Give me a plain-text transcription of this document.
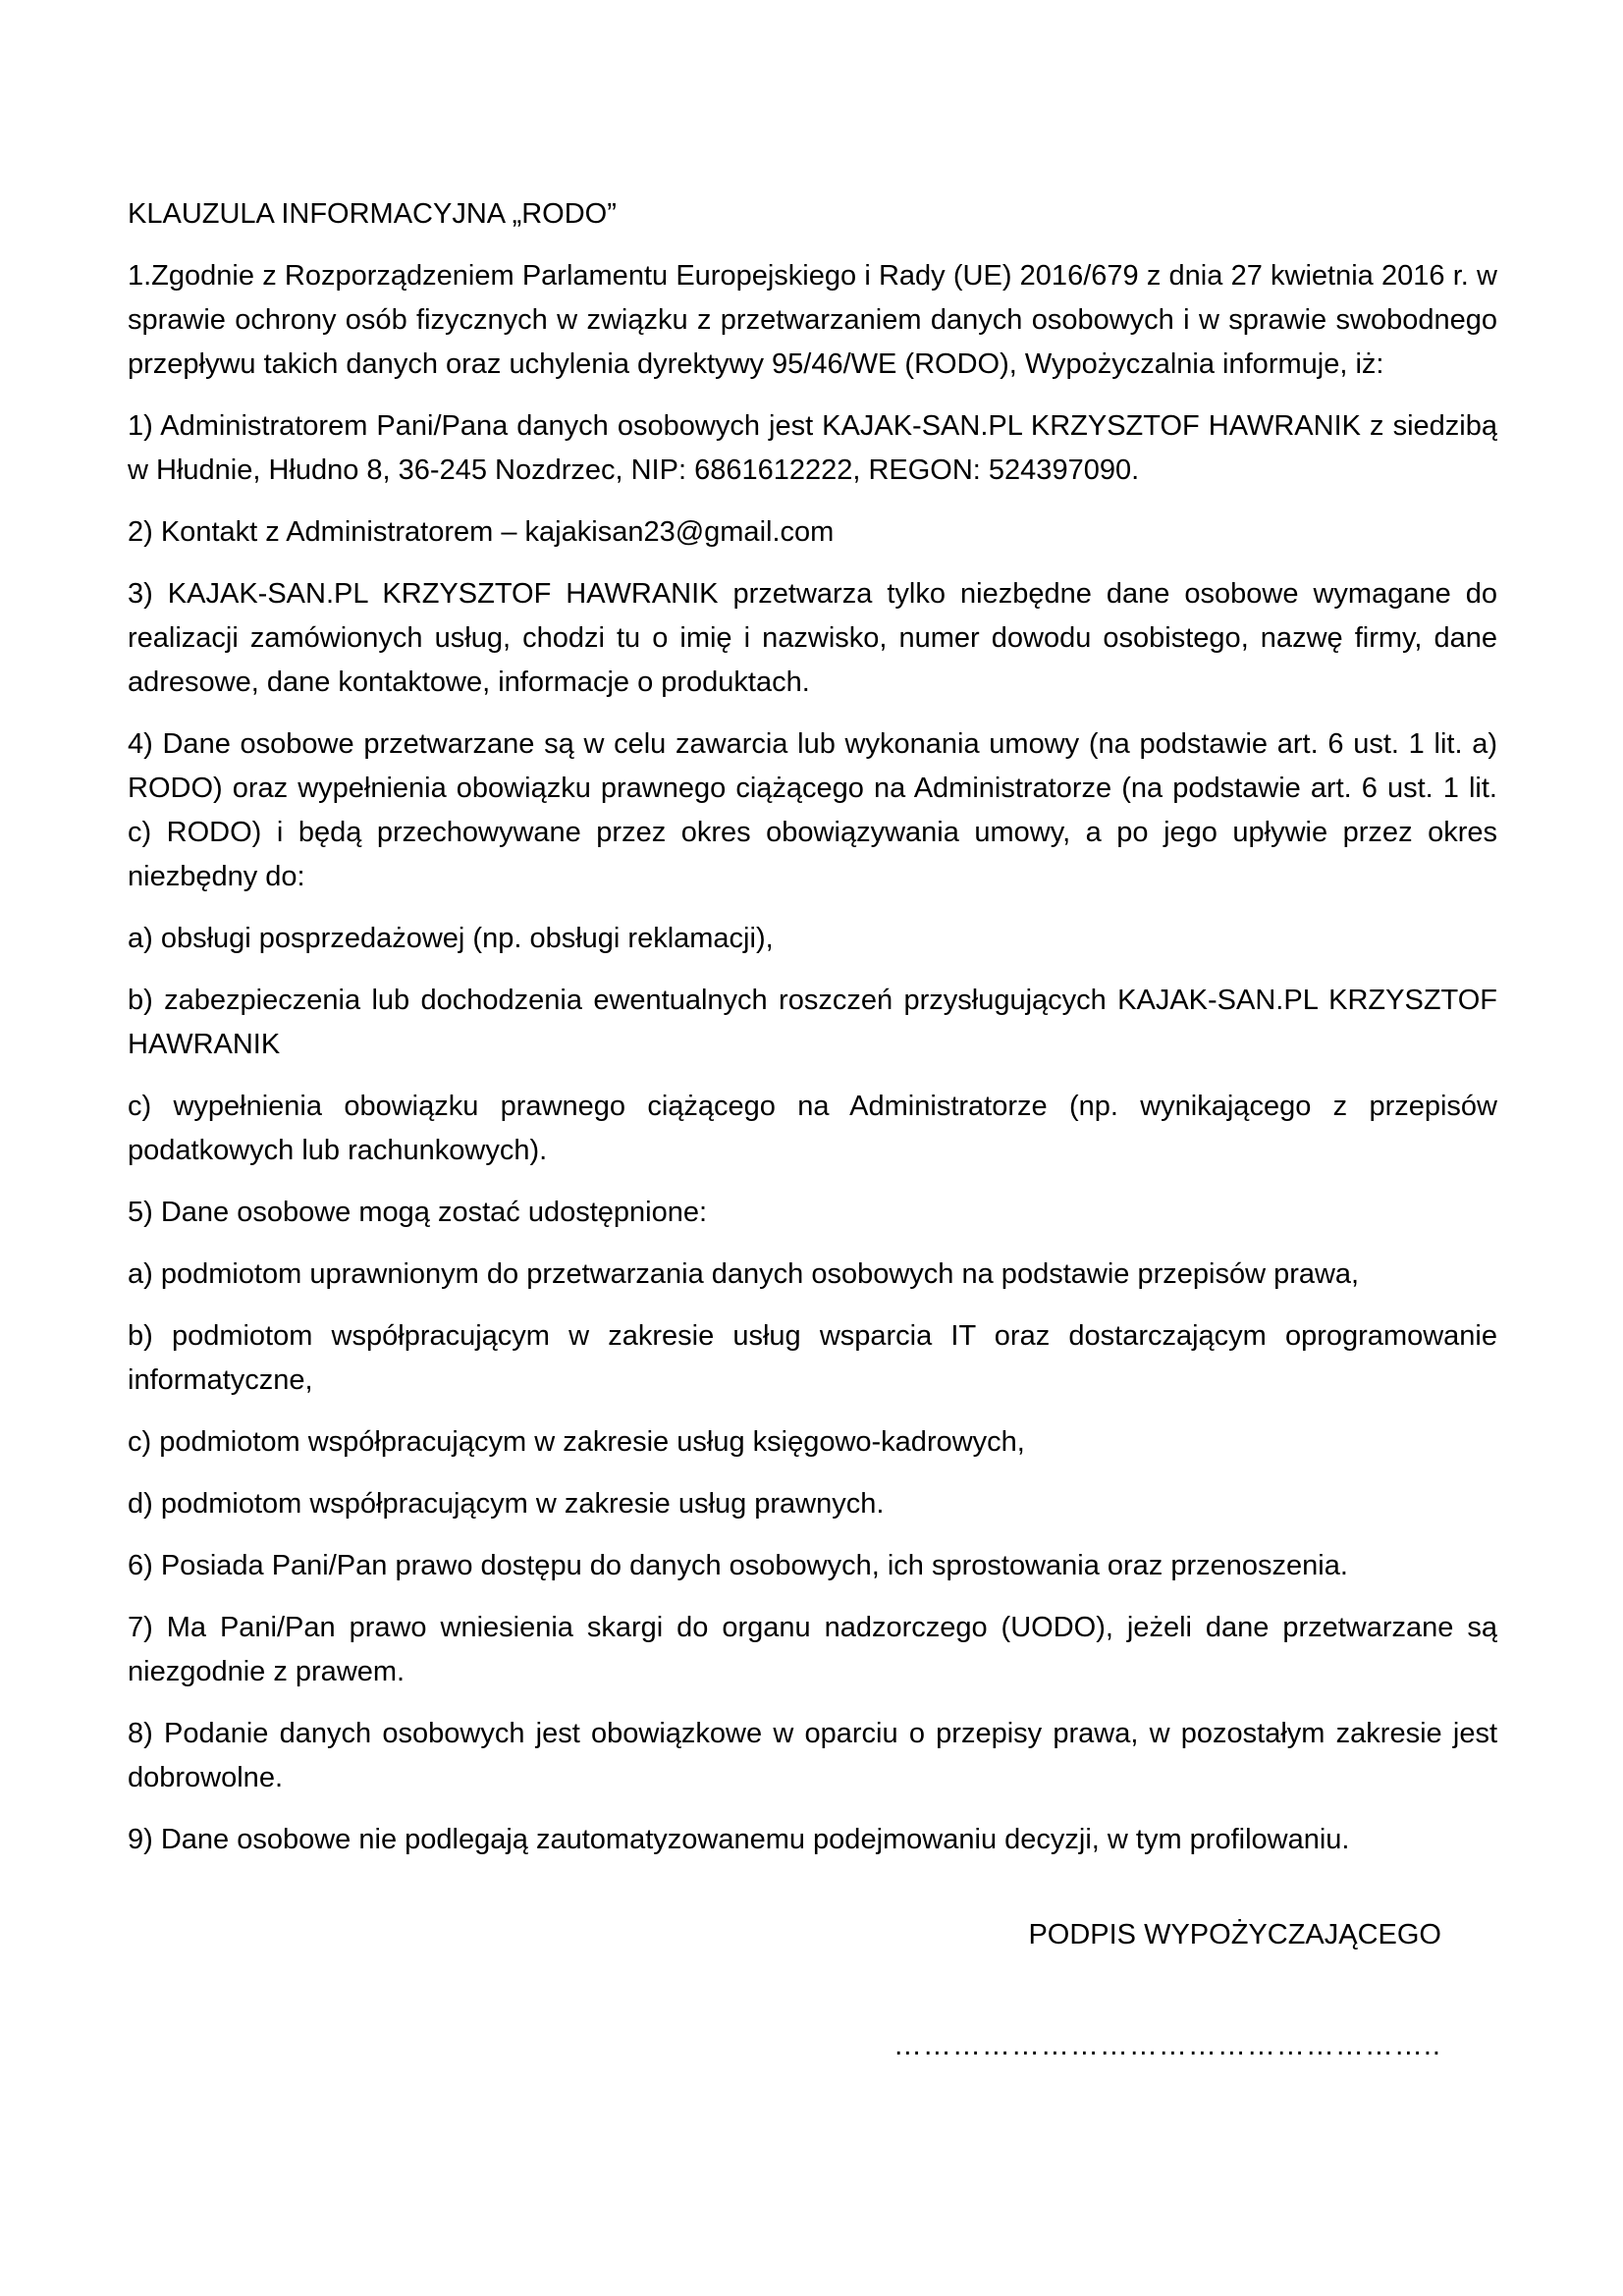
KLAUZULA INFORMACYJNA „RODO”

1.Zgodnie z Rozporządzeniem Parlamentu Europejskiego i Rady (UE) 2016/679 z dnia 27 kwietnia 2016 r. w sprawie ochrony osób fizycznych w związku z przetwarzaniem danych osobowych i w sprawie swobodnego przepływu takich danych oraz uchylenia dyrektywy 95/46/WE (RODO), Wypożyczalnia informuje, iż:

1) Administratorem Pani/Pana danych osobowych jest KAJAK-SAN.PL KRZYSZTOF HAWRANIK z siedzibą w Hłudnie, Hłudno 8, 36-245 Nozdrzec, NIP: 6861612222, REGON: 524397090.

2) Kontakt z Administratorem – kajakisan23@gmail.com

3) KAJAK-SAN.PL KRZYSZTOF HAWRANIK przetwarza tylko niezbędne dane osobowe wymagane do realizacji zamówionych usług, chodzi tu o imię i nazwisko, numer dowodu osobistego, nazwę firmy, dane adresowe, dane kontaktowe, informacje o produktach.

4) Dane osobowe przetwarzane są w celu zawarcia lub wykonania umowy (na podstawie art. 6 ust. 1 lit. a) RODO) oraz wypełnienia obowiązku prawnego ciążącego na Administratorze (na podstawie art. 6 ust. 1 lit. c) RODO) i będą przechowywane przez okres obowiązywania umowy, a po jego upływie przez okres niezbędny do:

a) obsługi posprzedażowej (np. obsługi reklamacji),

b) zabezpieczenia lub dochodzenia ewentualnych roszczeń przysługujących KAJAK-SAN.PL KRZYSZTOF HAWRANIK

c) wypełnienia obowiązku prawnego ciążącego na Administratorze (np. wynikającego z przepisów podatkowych lub rachunkowych).

5) Dane osobowe mogą zostać udostępnione:

a) podmiotom uprawnionym do przetwarzania danych osobowych na podstawie przepisów prawa,

b) podmiotom współpracującym w zakresie usług wsparcia IT oraz dostarczającym oprogramowanie informatyczne,

c) podmiotom współpracującym w zakresie usług księgowo-kadrowych,

d) podmiotom współpracującym w zakresie usług prawnych.

6) Posiada Pani/Pan prawo dostępu do danych osobowych, ich sprostowania oraz przenoszenia.

7) Ma Pani/Pan prawo wniesienia skargi do organu nadzorczego (UODO), jeżeli dane przetwarzane są niezgodnie z prawem.

8) Podanie danych osobowych jest obowiązkowe w oparciu o przepisy prawa, w pozostałym zakresie jest dobrowolne.

9) Dane osobowe nie podlegają zautomatyzowanemu podejmowaniu decyzji, w tym profilowaniu.

PODPIS WYPOŻYCZAJĄCEGO

………………………………………………..
